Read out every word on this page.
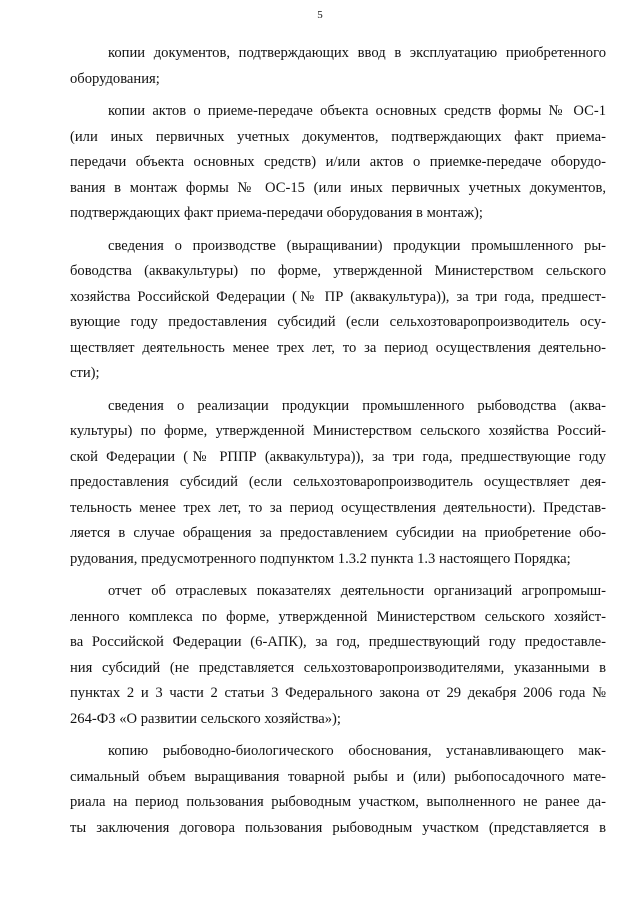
5
копии документов, подтверждающих ввод в эксплуатацию приобретенного
оборудования;
копии актов о приеме-передаче объекта основных средств формы № ОС-1
(или иных первичных учетных документов, подтверждающих факт приема-
передачи объекта основных средств) и/или актов о приемке-передаче оборудо-
вания в монтаж формы № ОС-15 (или иных первичных учетных документов,
подтверждающих факт приема-передачи оборудования в монтаж);
сведения о производстве (выращивании) продукции промышленного ры-
боводства (аквакультуры) по форме, утвержденной Министерством сельского
хозяйства Российской Федерации (№ ПР (аквакультура)), за три года, предшест-
вующие году предоставления субсидий (если сельхозтоваропроизводитель осу-
ществляет деятельность менее трех лет, то за период осуществления деятельно-
сти);
сведения о реализации продукции промышленного рыбоводства (аква-
культуры) по форме, утвержденной Министерством сельского хозяйства Россий-
ской Федерации (№ РППР (аквакультура)), за три года, предшествующие году
предоставления субсидий (если сельхозтоваропроизводитель осуществляет дея-
тельность менее трех лет, то за период осуществления деятельности). Представ-
ляется в случае обращения за предоставлением субсидии на приобретение обо-
рудования, предусмотренного подпунктом 1.3.2 пункта 1.3 настоящего Порядка;
отчет об отраслевых показателях деятельности организаций агропромыш-
ленного комплекса по форме, утвержденной Министерством сельского хозяйст-
ва Российской Федерации (6-АПК), за год, предшествующий году предоставле-
ния субсидий (не представляется сельхозтоваропроизводителями, указанными в
пунктах 2 и 3 части 2 статьи 3 Федерального закона от 29 декабря 2006 года №
264-ФЗ «О развитии сельского хозяйства»);
копию рыбоводно-биологического обоснования, устанавливающего мак-
симальный объем выращивания товарной рыбы и (или) рыбопосадочного мате-
риала на период пользования рыбоводным участком, выполненного не ранее да-
ты заключения договора пользования рыбоводным участком (представляется в
